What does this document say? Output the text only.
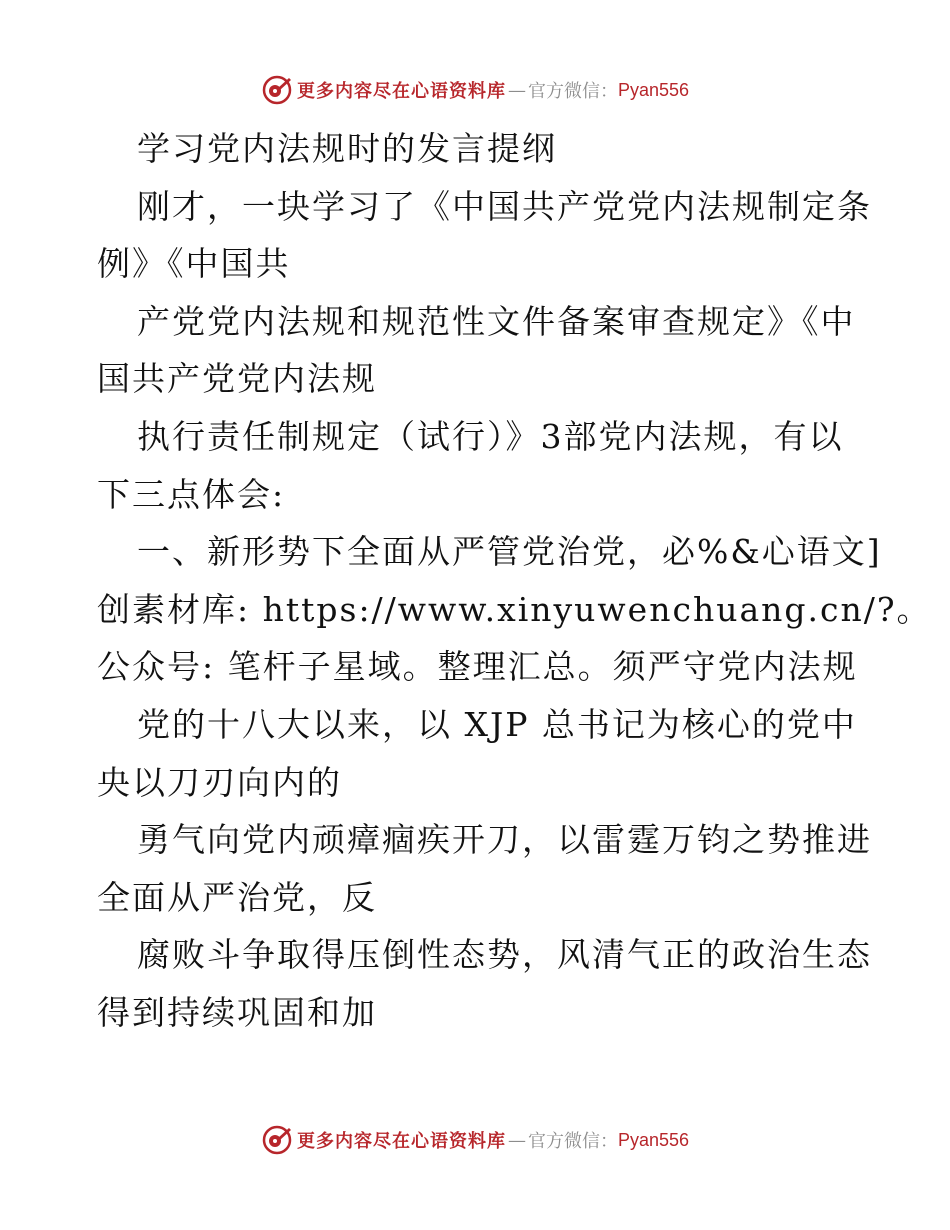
更多内容尽在心语资料库 — 官方微信： Pyan556
学习党内法规时的发言提纲
刚才，一块学习了《中国共产党党内法规制定条
例》《中国共
产党党内法规和规范性文件备案审查规定》《中
国共产党党内法规
执行责任制规定（试行）》3部党内法规，有以
下三点体会:
一、新形势下全面从严管党治党，必%&心语文]
创素材库: https://www.xinyuwenchuang.cn/?。
公众号: 笔杆子星域。整理汇总。须严守党内法规
党的十八大以来，以 XJP 总书记为核心的党中
央以刀刃向内的
勇气向党内顽瘴痼疾开刀，以雷霆万钧之势推进
全面从严治党，反
腐败斗争取得压倒性态势，风清气正的政治生态
得到持续巩固和加
更多内容尽在心语资料库 — 官方微信： Pyan556
